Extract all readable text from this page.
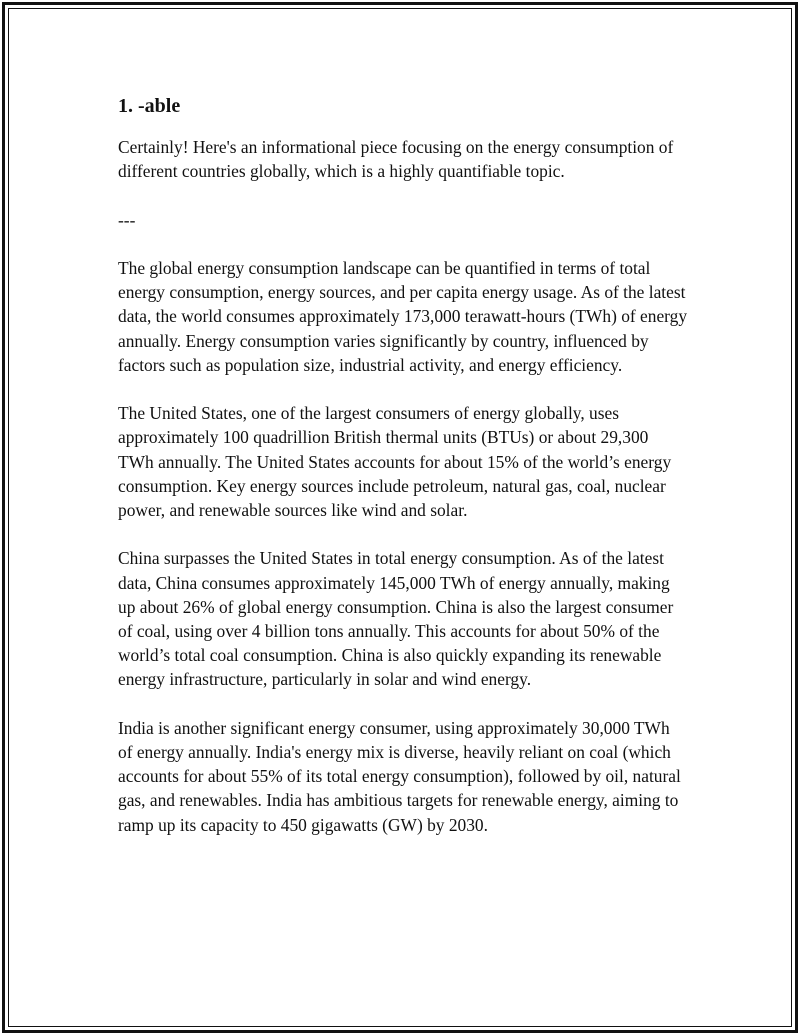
1. -able

Certainly! Here's an informational piece focusing on the energy consumption of different countries globally, which is a highly quantifiable topic.

---

The global energy consumption landscape can be quantified in terms of total energy consumption, energy sources, and per capita energy usage. As of the latest data, the world consumes approximately 173,000 terawatt-hours (TWh) of energy annually. Energy consumption varies significantly by country, influenced by factors such as population size, industrial activity, and energy efficiency.

The United States, one of the largest consumers of energy globally, uses approximately 100 quadrillion British thermal units (BTUs) or about 29,300 TWh annually. The United States accounts for about 15% of the world’s energy consumption. Key energy sources include petroleum, natural gas, coal, nuclear power, and renewable sources like wind and solar.

China surpasses the United States in total energy consumption. As of the latest data, China consumes approximately 145,000 TWh of energy annually, making up about 26% of global energy consumption. China is also the largest consumer of coal, using over 4 billion tons annually. This accounts for about 50% of the world’s total coal consumption. China is also quickly expanding its renewable energy infrastructure, particularly in solar and wind energy.

India is another significant energy consumer, using approximately 30,000 TWh of energy annually. India's energy mix is diverse, heavily reliant on coal (which accounts for about 55% of its total energy consumption), followed by oil, natural gas, and renewables. India has ambitious targets for renewable energy, aiming to ramp up its capacity to 450 gigawatts (GW) by 2030.
